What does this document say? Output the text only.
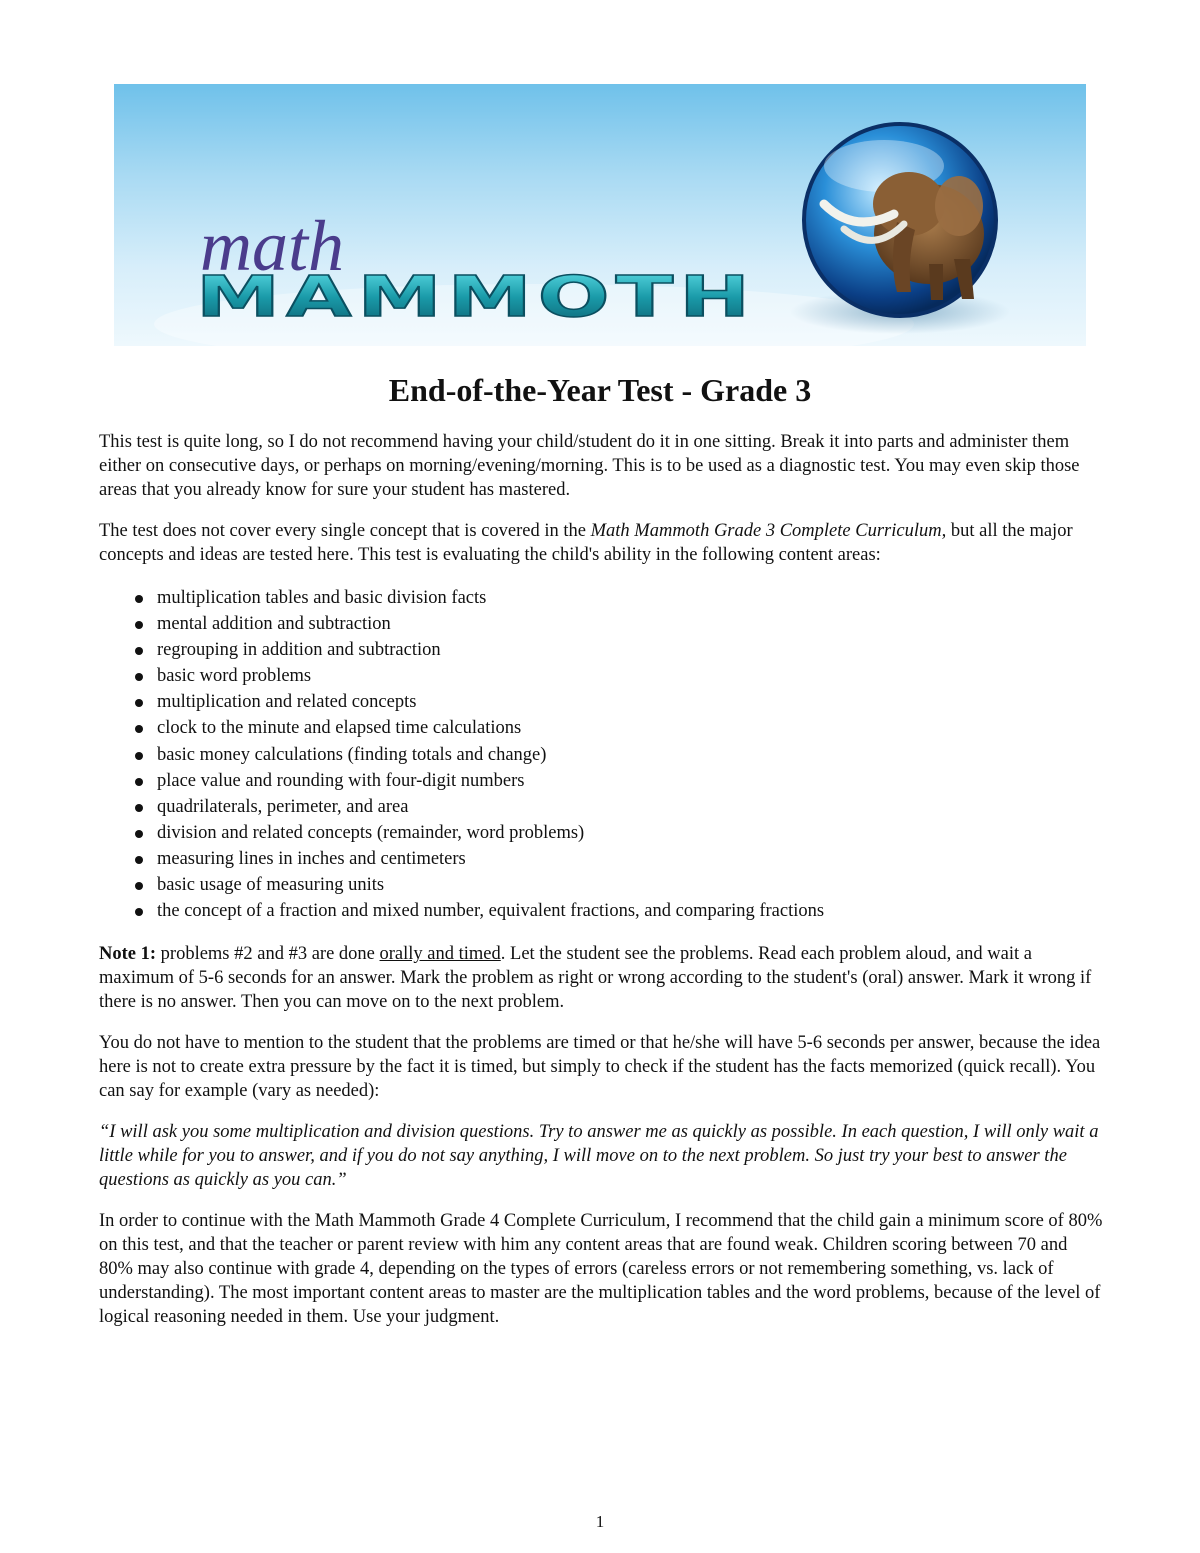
math
MAMMOTH
End-of-the-Year Test - Grade 3

This test is quite long, so I do not recommend having your child/student do it in one sitting. Break it into parts and administer them either on consecutive days, or perhaps on morning/evening/morning. This is to be used as a diagnostic test. You may even skip those areas that you already know for sure your student has mastered.

The test does not cover every single concept that is covered in the Math Mammoth Grade 3 Complete Curriculum, but all the major concepts and ideas are tested here. This test is evaluating the child's ability in the following content areas:

multiplication tables and basic division facts
mental addition and subtraction
regrouping in addition and subtraction
basic word problems
multiplication and related concepts
clock to the minute and elapsed time calculations
basic money calculations (finding totals and change)
place value and rounding with four-digit numbers
quadrilaterals, perimeter, and area
division and related concepts (remainder, word problems)
measuring lines in inches and centimeters
basic usage of measuring units
the concept of a fraction and mixed number, equivalent fractions, and comparing fractions

Note 1: problems #2 and #3 are done orally and timed. Let the student see the problems. Read each problem aloud, and wait a maximum of 5-6 seconds for an answer. Mark the problem as right or wrong according to the student's (oral) answer. Mark it wrong if there is no answer. Then you can move on to the next problem.

You do not have to mention to the student that the problems are timed or that he/she will have 5-6 seconds per answer, because the idea here is not to create extra pressure by the fact it is timed, but simply to check if the student has the facts memorized (quick recall). You can say for example (vary as needed):

“I will ask you some multiplication and division questions. Try to answer me as quickly as possible. In each question, I will only wait a little while for you to answer, and if you do not say anything, I will move on to the next problem. So just try your best to answer the questions as quickly as you can.”

In order to continue with the Math Mammoth Grade 4 Complete Curriculum, I recommend that the child gain a minimum score of 80% on this test, and that the teacher or parent review with him any content areas that are found weak. Children scoring between 70 and 80% may also continue with grade 4, depending on the types of errors (careless errors or not remembering something, vs. lack of understanding). The most important content areas to master are the multiplication tables and the word problems, because of the level of logical reasoning needed in them. Use your judgment.

1
